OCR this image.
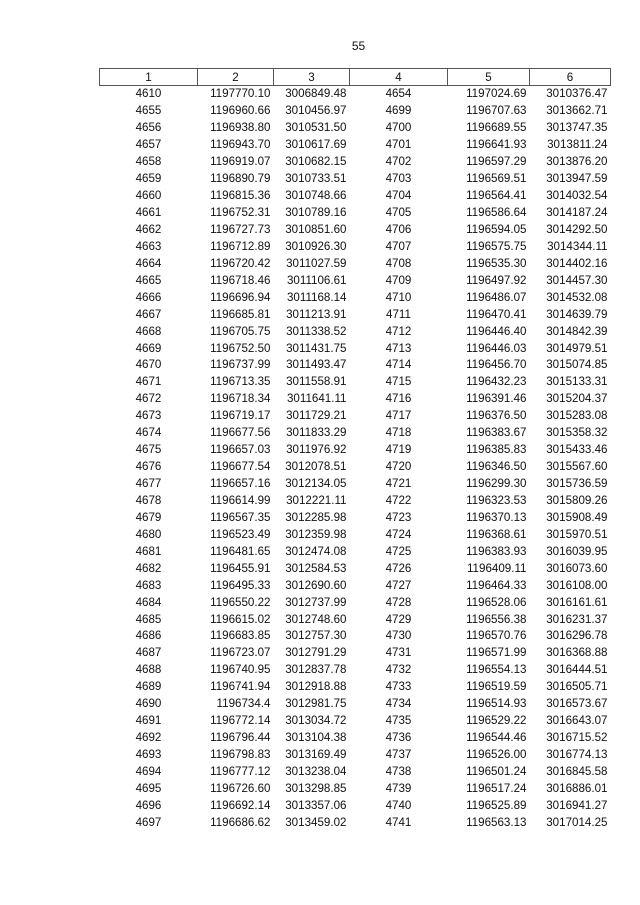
55
1	2	3	4	5	6
4610	1197770.10	3006849.48	4654	1197024.69	3010376.47
4655	1196960.66	3010456.97	4699	1196707.63	3013662.71
4656	1196938.80	3010531.50	4700	1196689.55	3013747.35
4657	1196943.70	3010617.69	4701	1196641.93	3013811.24
4658	1196919.07	3010682.15	4702	1196597.29	3013876.20
4659	1196890.79	3010733.51	4703	1196569.51	3013947.59
4660	1196815.36	3010748.66	4704	1196564.41	3014032.54
4661	1196752.31	3010789.16	4705	1196586.64	3014187.24
4662	1196727.73	3010851.60	4706	1196594.05	3014292.50
4663	1196712.89	3010926.30	4707	1196575.75	3014344.11
4664	1196720.42	3011027.59	4708	1196535.30	3014402.16
4665	1196718.46	3011106.61	4709	1196497.92	3014457.30
4666	1196696.94	3011168.14	4710	1196486.07	3014532.08
4667	1196685.81	3011213.91	4711	1196470.41	3014639.79
4668	1196705.75	3011338.52	4712	1196446.40	3014842.39
4669	1196752.50	3011431.75	4713	1196446.03	3014979.51
4670	1196737.99	3011493.47	4714	1196456.70	3015074.85
4671	1196713.35	3011558.91	4715	1196432.23	3015133.31
4672	1196718.34	3011641.11	4716	1196391.46	3015204.37
4673	1196719.17	3011729.21	4717	1196376.50	3015283.08
4674	1196677.56	3011833.29	4718	1196383.67	3015358.32
4675	1196657.03	3011976.92	4719	1196385.83	3015433.46
4676	1196677.54	3012078.51	4720	1196346.50	3015567.60
4677	1196657.16	3012134.05	4721	1196299.30	3015736.59
4678	1196614.99	3012221.11	4722	1196323.53	3015809.26
4679	1196567.35	3012285.98	4723	1196370.13	3015908.49
4680	1196523.49	3012359.98	4724	1196368.61	3015970.51
4681	1196481.65	3012474.08	4725	1196383.93	3016039.95
4682	1196455.91	3012584.53	4726	1196409.11	3016073.60
4683	1196495.33	3012690.60	4727	1196464.33	3016108.00
4684	1196550.22	3012737.99	4728	1196528.06	3016161.61
4685	1196615.02	3012748.60	4729	1196556.38	3016231.37
4686	1196683.85	3012757.30	4730	1196570.76	3016296.78
4687	1196723.07	3012791.29	4731	1196571.99	3016368.88
4688	1196740.95	3012837.78	4732	1196554.13	3016444.51
4689	1196741.94	3012918.88	4733	1196519.59	3016505.71
4690	1196734.4	3012981.75	4734	1196514.93	3016573.67
4691	1196772.14	3013034.72	4735	1196529.22	3016643.07
4692	1196796.44	3013104.38	4736	1196544.46	3016715.52
4693	1196798.83	3013169.49	4737	1196526.00	3016774.13
4694	1196777.12	3013238.04	4738	1196501.24	3016845.58
4695	1196726.60	3013298.85	4739	1196517.24	3016886.01
4696	1196692.14	3013357.06	4740	1196525.89	3016941.27
4697	1196686.62	3013459.02	4741	1196563.13	3017014.25
